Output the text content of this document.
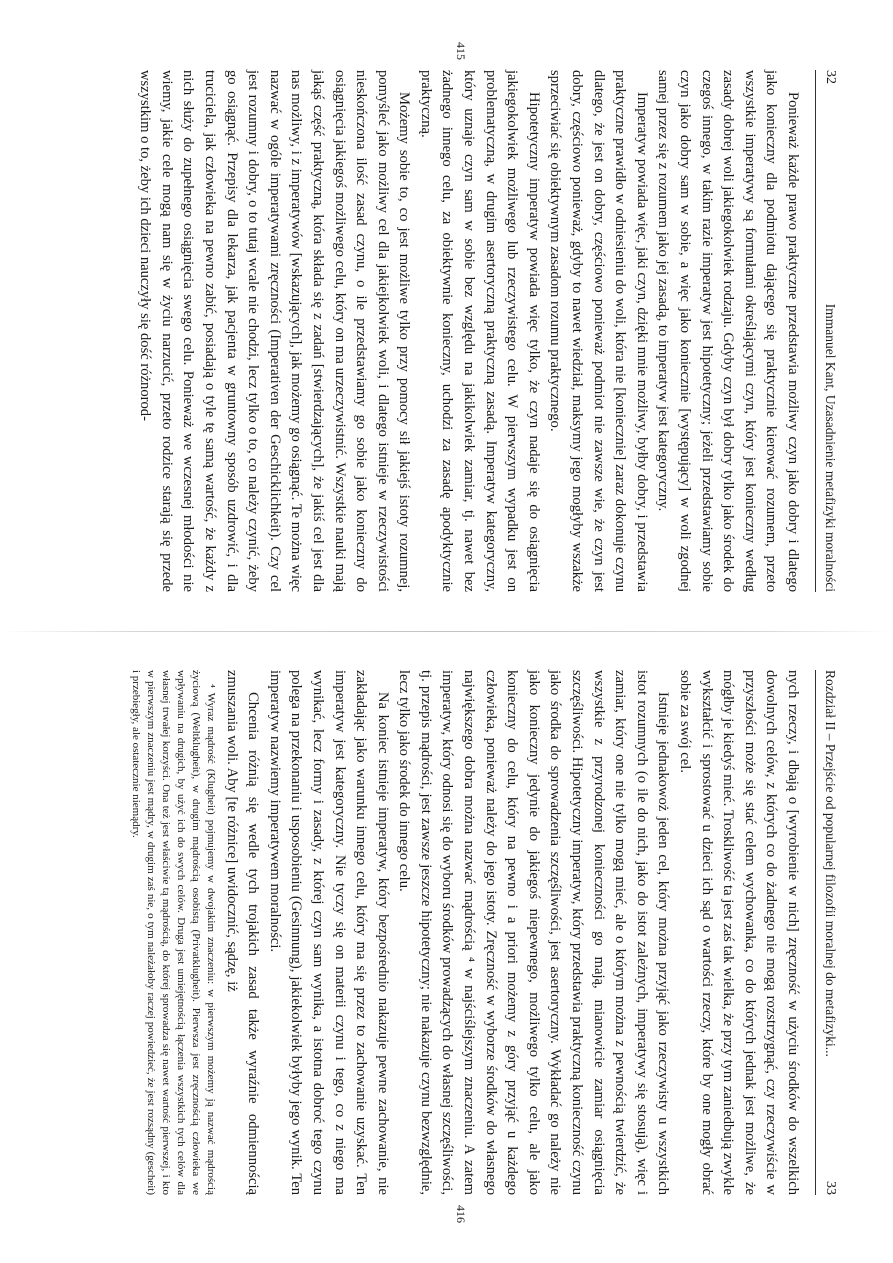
32
Immanuel Kant, Uzasadnienie metafizyki moralności
415

Ponieważ każde prawo praktyczne przedstawia możliwy czyn jako dobry i dlatego jako konieczny dla podmiotu dającego się praktycznie kierować rozumem, przeto wszystkie imperatywy są formułami określającymi czyn, który jest konieczny według zasady dobrej woli jakiegokolwiek rodzaju. Gdyby czyn był dobry tylko jako środek do czegoś innego, w takim razie imperatyw jest hipotetyczny; jeżeli przedstawiamy sobie czyn jako dobry sam w sobie, a więc jako koniecznie [występujący] w woli zgodnej samej przez się z rozumem jako jej zasadą, to imperatyw jest kategoryczny.

Imperatyw powiada więc, jaki czyn, dzięki mnie możliwy, byłby dobry, i przedstawia praktyczne prawidło w odniesieniu do woli, która nie [koniecznie] zaraz dokonuje czynu dlatego, że jest on dobry, częściowo ponieważ podmiot nie zawsze wie, że czyn jest dobry, częściowo ponieważ, gdyby to nawet wiedział, maksymy jego mogłyby wszakże sprzeciwiać się obiektywnym zasadom rozumu praktycznego.

Hipotetyczny imperatyw powiada więc tylko, że czyn nadaje się do osiągnięcia jakiegokolwiek możliwego lub rzeczywistego celu. W pierwszym wypadku jest on problematyczną, w drugim asertoryczną praktyczną zasadą. Imperatyw kategoryczny, który uznaje czyn sam w sobie bez względu na jakikolwiek zamiar, tj. nawet bez żadnego innego celu, za obiektywnie konieczny, uchodzi za zasadę apodyktycznie praktyczną.

Możemy sobie to, co jest możliwe tylko przy pomocy sił jakiejś istoty rozumnej, pomyśleć jako możliwy cel dla jakiejkolwiek woli, i dlatego istnieje w rzeczywistości nieskończona ilość zasad czynu, o ile przedstawiamy go sobie jako konieczny do osiągnięcia jakiegoś możliwego celu, który on ma urzeczywistnić. Wszystkie nauki mają jakąś część praktyczną, która składa się z zadań [stwierdzających], że jakiś cel jest dla nas możliwy, i z imperatywów [wskazujących], jak możemy go osiągnąć. Te można więc nazwać w ogóle imperatywami zręczności (Imperativen der Geschicklichkeit). Czy cel jest rozumny i dobry, o to tutaj wcale nie chodzi, lecz tylko o to, co należy czynić, żeby go osiągnąć. Przepisy dla lekarza, jak pacjenta w gruntowny sposób uzdrowić, i dla truciciela, jak człowieka na pewno zabić, posiadają o tyle tę samą wartość, że każdy z nich służy do zupełnego osiągnięcia swego celu. Ponieważ we wczesnej młodości nie wiemy, jakie cele mogą nam się w życiu narzucić, przeto rodzice starają się przede wszystkim o to, żeby ich dzieci nauczyły się dość różnorod-

Rozdział II – Przejście od popularnej filozofii moralnej do metafizyki...
33
416

nych rzeczy, i dbają o [wyrobienie w nich] zręczność w użyciu środków do wszelkich dowolnych celów, z których co do żadnego nie mogą rozstrzygnąć, czy rzeczywiście w przyszłości może się stać celem wychowanka, co do których jednak jest możliwe, że mógłby je kiedyś mieć. Troskliwość ta jest zaś tak wielka, że przy tym zaniedbują zwykle wykształcić i sprostować u dzieci ich sąd o wartości rzeczy, które by one mogły obrać sobie za swój cel.

Istnieje jednakowoż jeden cel, który można przyjąć jako rzeczywisty u wszystkich istot rozumnych (o ile do nich, jako do istot zależnych, imperatywy się stosują), więc i zamiar, który one nie tylko mogą mieć, ale o którym można z pewnością twierdzić, że wszystkie z przyrodzonej konieczności go mają, mianowicie zamiar osiągnięcia szczęśliwości. Hipotetyczny imperatyw, który przedstawia praktyczną konieczność czynu jako środka do sprowadzenia szczęśliwości, jest asertoryczny. Wykładać go należy nie jako konieczny jedynie do jakiegoś niepewnego, możliwego tylko celu, ale jako konieczny do celu, który na pewno i a priori możemy z góry przyjąć u każdego człowieka, ponieważ należy do jego istoty. Zręczność w wyborze środków do własnego największego dobra można nazwać mądrością ⁴ w najściślejszym znaczeniu. A zatem imperatyw, który odnosi się do wyboru środków prowadzących do własnej szczęśliwości, tj. przepis mądrości, jest zawsze jeszcze hipotetyczny; nie nakazuje czynu bezwzględnie, lecz tylko jako środek do innego celu.

Na koniec istnieje imperatyw, który bezpośrednio nakazuje pewne zachowanie, nie zakładając jako warunku innego celu, który ma się przez to zachowanie uzyskać. Ten imperatyw jest kategoryczny. Nie tyczy się on materii czynu i tego, co z niego ma wynikać, lecz formy i zasady, z której czyn sam wynika, a istotna dobroć tego czynu polega na przekonaniu i usposobieniu (Gesinnung), jakiekolwiek byłyby jego wynik. Ten imperatyw nazwiemy imperatywem moralności.

Chcenia różnią się wedle tych trojakich zasad także wyraźnie odmiennością zmuszania woli. Aby [te różnice] uwidocznić, sądzę, iż

⁴ Wyraz mądrość (Klugheit) pojmujemy w dwojakim znaczeniu: w pierwszym możemy ją nazwać mądrością życiową (Weltklugheit), w drugim mądrością osobistą (Privatklugheit). Pierwsza jest zręcznością człowieka we wpływaniu na drugich, by użyć ich do swych celów. Druga jest umiejętnością łączenia wszystkich tych celów dla własnej trwałej korzyści. Ona też jest właściwie tą mądrością, do której sprowadza się nawet wartość pierwszej, i kto w pierwszym znaczeniu jest mądry, w drugim zaś nie, o tym należałoby raczej powiedzieć, że jest rozsądny (gescheit) i przebiegły, ale ostatecznie niemądry.
